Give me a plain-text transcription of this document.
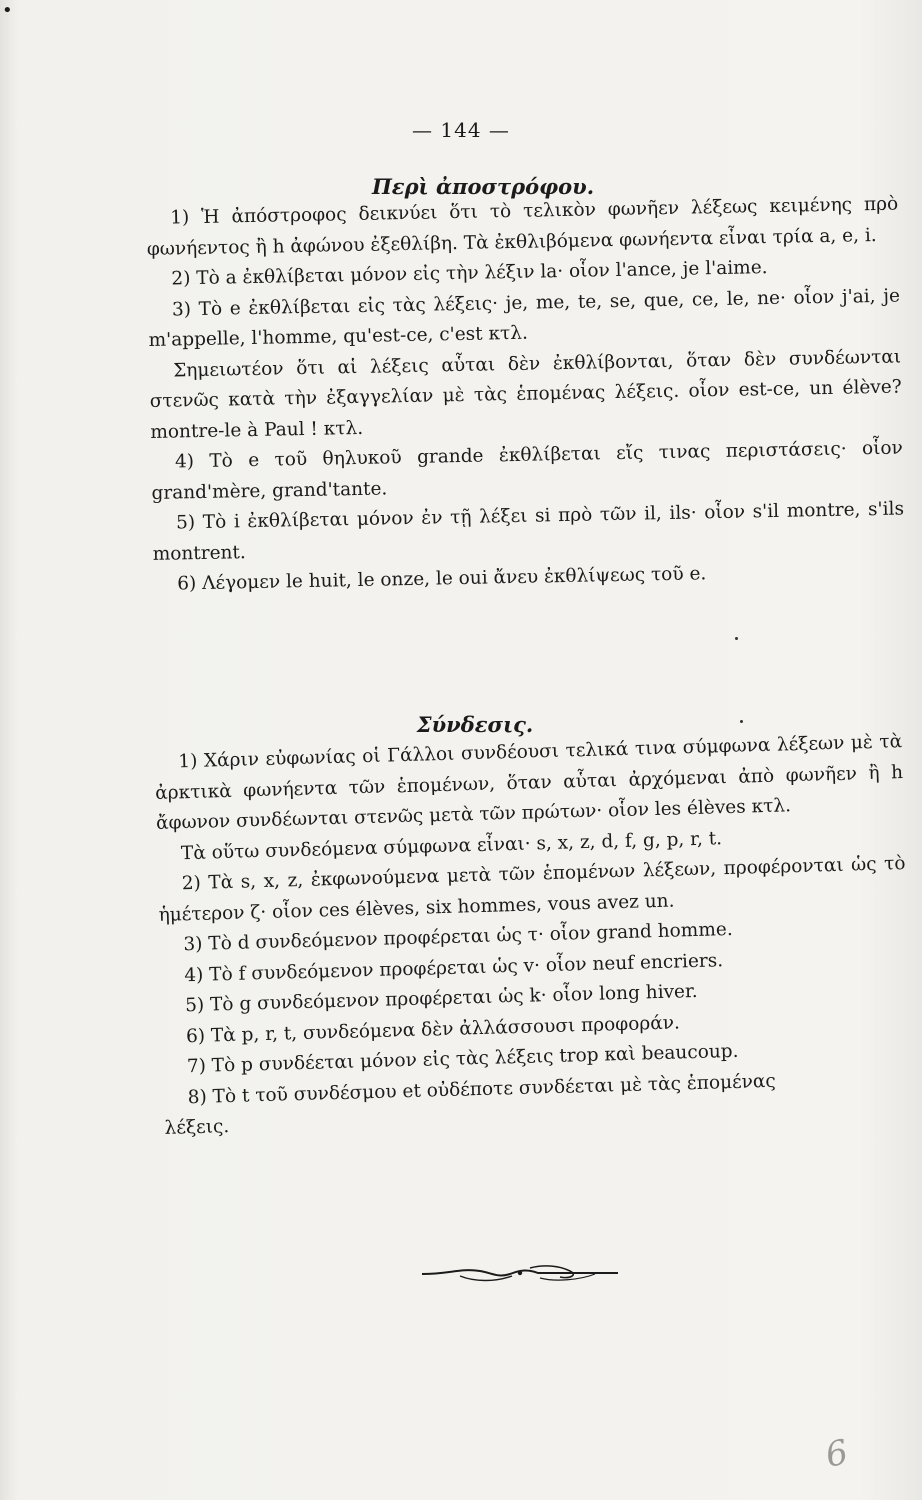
•
— 144 —
Περὶ ἀποστρόφου.

1) Ἡ ἀπόστροφος δεικνύει ὅτι τὸ τελικὸν φωνῆεν λέξεως κειμένης πρὸ φωνήεντος ἢ h ἀφώνου ἐξεθλίβη. Τὰ ἐκθλιβόμενα φωνήεντα εἶναι τρία a, e, i.

2) Τὸ a ἐκθλίβεται μόνον εἰς τὴν λέξιν la· οἷον l'ance, je l'aime.

3) Τὸ e ἐκθλίβεται εἰς τὰς λέξεις· je, me, te, se, que, ce, le, ne· οἷον j'ai, je m'appelle, l'homme, qu'est-ce, c'est κτλ.

Σημειωτέον ὅτι αἱ λέξεις αὗται δὲν ἐκθλίβονται, ὅταν δὲν συνδέωνται στενῶς κατὰ τὴν ἐξαγγελίαν μὲ τὰς ἑπομένας λέξεις. οἷον est-ce, un élève? montre-le à Paul ! κτλ.

4) Τὸ e τοῦ θηλυκοῦ grande ἐκθλίβεται εἴς τινας περιστάσεις· οἷον grand'mère, grand'tante.

5) Τὸ i ἐκθλίβεται μόνον ἐν τῇ λέξει si πρὸ τῶν il, ils· οἷον s'il montre, s'ils montrent.

6) Λέγομεν le huit, le onze, le oui ἄνευ ἐκθλίψεως τοῦ e.

Σύνδεσις.

1) Χάριν εὐφωνίας οἱ Γάλλοι συνδέουσι τελικά τινα σύμφωνα λέξεων μὲ τὰ ἀρκτικὰ φωνήεντα τῶν ἑπομένων, ὅταν αὗται ἀρχόμεναι ἀπὸ φωνῆεν ἢ h ἄφωνον συνδέωνται στενῶς μετὰ τῶν πρώτων· οἷον les élèves κτλ.

Τὰ οὕτω συνδεόμενα σύμφωνα εἶναι· s, x, z, d, f, g, p, r, t.

2) Τὰ s, x, z, ἐκφωνούμενα μετὰ τῶν ἑπομένων λέξεων, προφέρονται ὡς τὸ ἡμέτερον ζ· οἷον ces élèves, six hommes, vous avez un.

3) Τὸ d συνδεόμενον προφέρεται ὡς τ· οἷον grand homme.

4) Τὸ f συνδεόμενον προφέρεται ὡς v· οἷον neuf encriers.

5) Τὸ g συνδεόμενον προφέρεται ὡς k· οἷον long hiver.

6) Τὰ p, r, t, συνδεόμενα δὲν ἀλλάσσουσι προφοράν.

7) Τὸ p συνδέεται μόνον εἰς τὰς λέξεις trop καὶ beaucoup.

8) Τὸ t τοῦ συνδέσμου et οὐδέποτε συνδέεται μὲ τὰς ἑπομένας

λέξεις.

6
